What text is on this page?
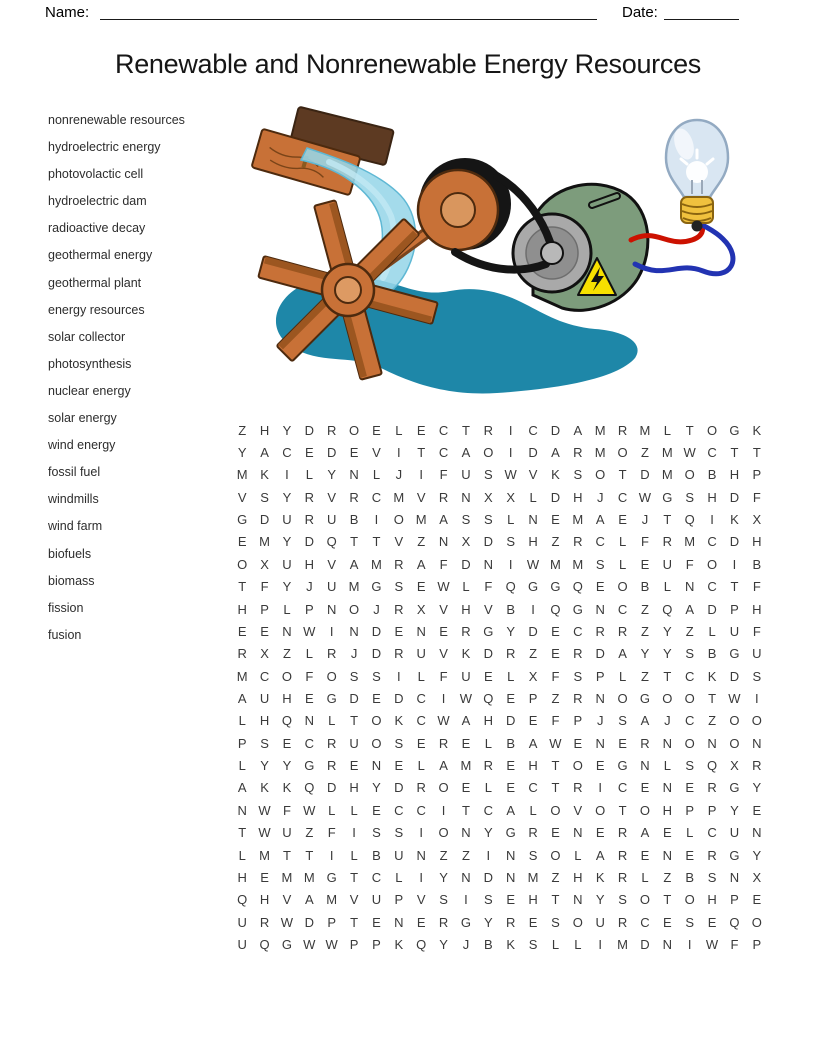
Name:	Date:
Renewable and Nonrenewable Energy Resources
nonrenewable resources
hydroelectric energy
photovolactic cell
hydroelectric dam
radioactive decay
geothermal energy
geothermal plant
energy resources
solar collector
photosynthesis
nuclear energy
solar energy
wind energy
fossil fuel
windmills
wind farm
biofuels
biomass
fission
fusion
Z	H	Y	D R O E	L	E	C	T	R	I	C D	A M R M	L	T	O G K
Y	A	C	E	D	E	V	I	T	C	A O	I	D	A	R M O	Z M W C	T	T
M K	I	L	Y	N	L	J	I	F	U	S W V	K	S O	T	D M O B	H	P
V	S	Y	R	V	R C M V	R N	X	X	L	D H	J	C W G S	H D	F
G D U R U	B	I	O M A	S	S	L	N	E M A	E	J	T	Q	I	K	X
E M Y	D Q	T	T	V	Z	N	X	D	S	H	Z	R C	L	F	R M C D H
O X	U H	V	A M R	A	F	D N	I	W M M S	L	E	U	F	O	I	B
T	F	Y	J	U M G S	E W L	F	Q G G Q E O B	L	N C	T	F
H	P	L	P	N O	J	R	X	V	H	V	B	I	Q G N C	Z	Q A	D	P	H
E	E	N W	I	N D	E	N	E	R G Y	D	E	C R R	Z	Y	Z	L	U	F
R	X	Z	L	R	J	D R U	V	K	D R	Z	E	R D	A	Y	Y	S	B G U
M C O	F	O S	S	I	L	F	U	E	L	X	F	S	P	L	Z	T	C	K	D	S
A	U H	E G D	E	D C	I	W Q E	P	Z	R N O G O O	T W	I
L	H Q N	L	T	O K	C W A	H D	E	F	P	J	S	A	J	C	Z	O O
P	S	E	C R U O S	E	R	E	L	B	A W E	N	E	R N O N O N
L	Y	Y G R	E	N	E	L	A M R	E	H	T	O E G N	L	S Q X	R
A	K	K Q D H	Y	D R O E	L	E	C	T	R	I	C	E	N	E	R G Y
N W F W L	L	E	C C	I	T	C	A	L	O V O	T	O H	P	P	Y	E
T W U	Z	F	I	S	S	I	O N	Y G R	E	N	E	R	A	E	L	C U N
L	M T	T	I	L	B	U N	Z	Z	I	N	S O	L	A	R	E	N	E	R G Y
H	E M M G	T	C	L	I	Y	N D N M Z	H	K	R	L	Z	B	S	N	X
Q H	V	A M V	U	P	V	S	I	S	E	H	T	N	Y	S O	T	O H	P	E
U R W D	P	T	E	N	E	R G Y	R	E	S O U R C	E	S	E Q O
U Q G W W P	P	K Q Y	J	B	K	S	L	L	I	M D N	I	W F	P
